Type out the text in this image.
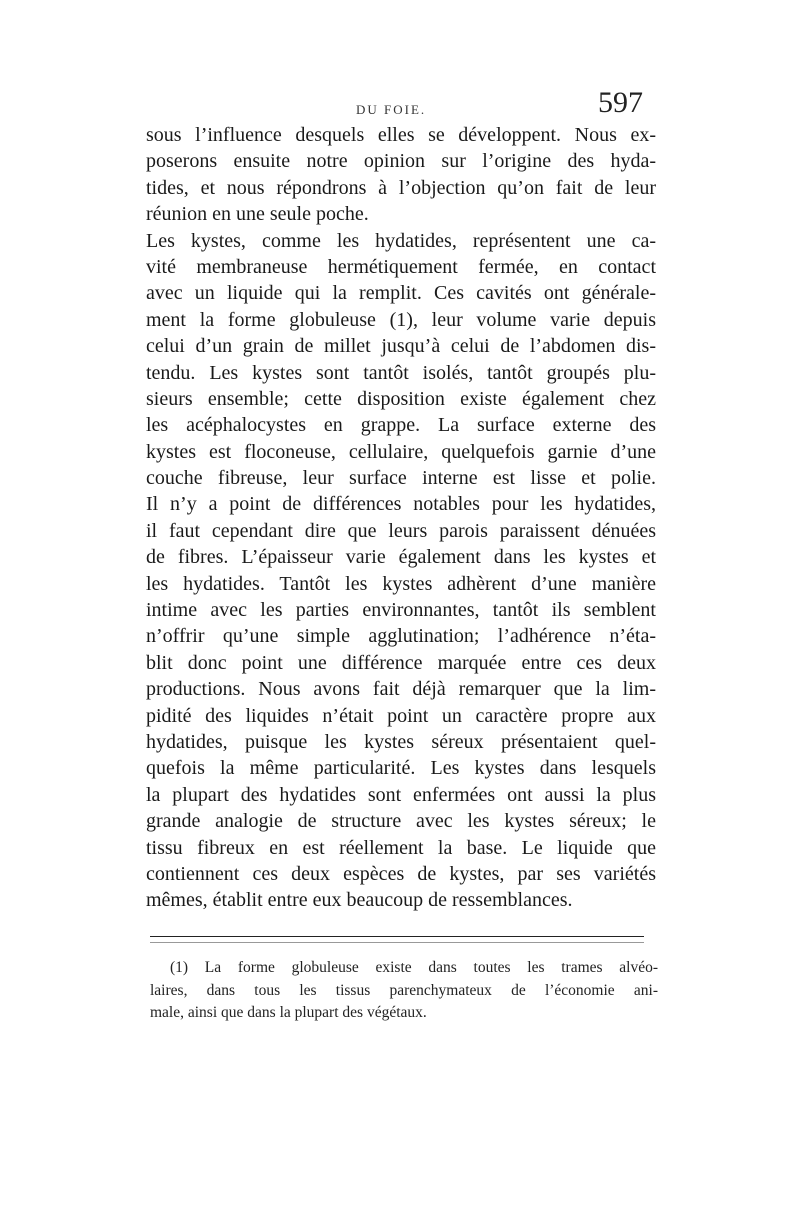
DU FOIE.	597
sous l’influence desquels elles se développent. Nous ex-
poserons ensuite notre opinion sur l’origine des hyda-
tides, et nous répondrons à l’objection qu’on fait de leur
réunion en une seule poche.
Les kystes, comme les hydatides, représentent une ca-
vité membraneuse hermétiquement fermée, en contact
avec un liquide qui la remplit. Ces cavités ont générale-
ment la forme globuleuse (1), leur volume varie depuis
celui d’un grain de millet jusqu’à celui de l’abdomen dis-
tendu. Les kystes sont tantôt isolés, tantôt groupés plu-
sieurs ensemble; cette disposition existe également chez
les acéphalocystes en grappe. La surface externe des
kystes est floconeuse, cellulaire, quelquefois garnie d’une
couche fibreuse, leur surface interne est lisse et polie.
Il n’y a point de différences notables pour les hydatides,
il faut cependant dire que leurs parois paraissent dénuées
de fibres. L’épaisseur varie également dans les kystes et
les hydatides. Tantôt les kystes adhèrent d’une manière
intime avec les parties environnantes, tantôt ils semblent
n’offrir qu’une simple agglutination; l’adhérence n’éta-
blit donc point une différence marquée entre ces deux
productions. Nous avons fait déjà remarquer que la lim-
pidité des liquides n’était point un caractère propre aux
hydatides, puisque les kystes séreux présentaient quel-
quefois la même particularité. Les kystes dans lesquels
la plupart des hydatides sont enfermées ont aussi la plus
grande analogie de structure avec les kystes séreux; le
tissu fibreux en est réellement la base. Le liquide que
contiennent ces deux espèces de kystes, par ses variétés
mêmes, établit entre eux beaucoup de ressemblances.
(1) La forme globuleuse existe dans toutes les trames alvéo-
laires, dans tous les tissus parenchymateux de l’économie ani-
male, ainsi que dans la plupart des végétaux.
